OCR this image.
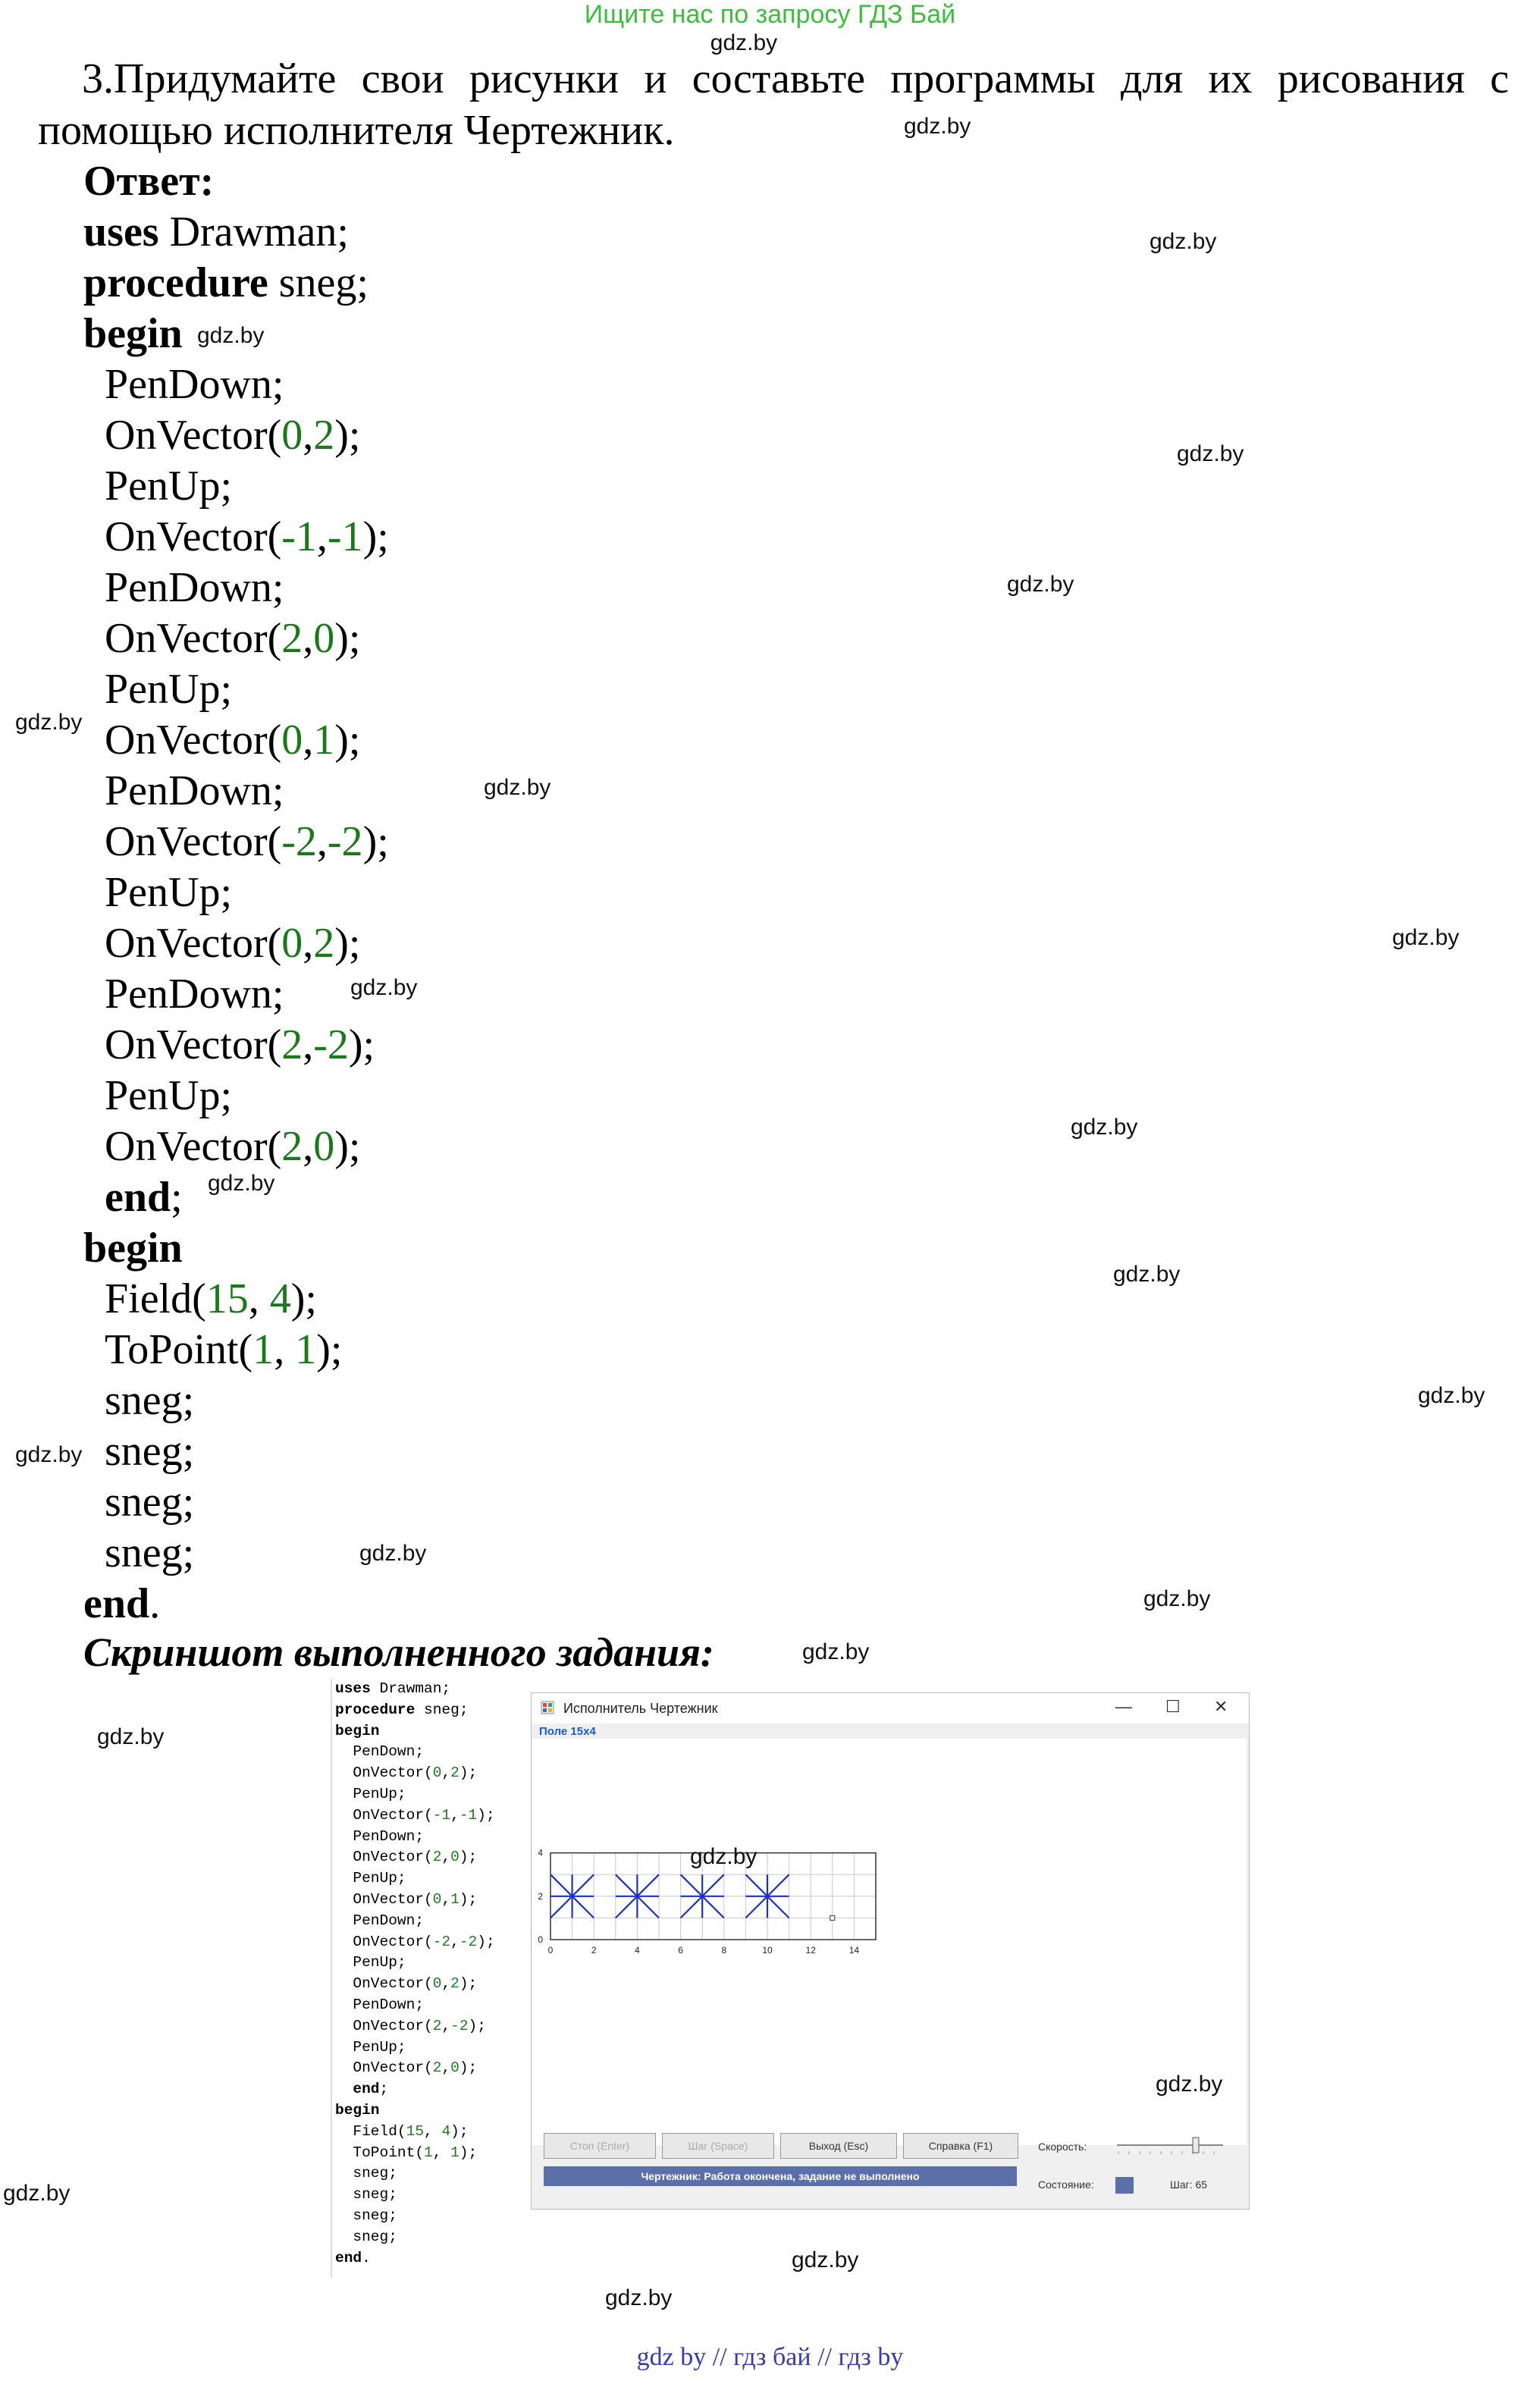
Ищите нас по запросу ГДЗ Бай
gdz.by
3.Придумайте свои рисунки и составьте программы для их рисования с
помощью исполнителя Чертежник.
Ответ:
uses Drawman;
procedure sneg;
begin
PenDown;
OnVector(0,2);
PenUp;
OnVector(-1,-1);
PenDown;
OnVector(2,0);
PenUp;
OnVector(0,1);
PenDown;
OnVector(-2,-2);
PenUp;
OnVector(0,2);
PenDown;
OnVector(2,-2);
PenUp;
OnVector(2,0);
end;
begin
Field(15, 4);
ToPoint(1, 1);
sneg;
sneg;
sneg;
sneg;
end.
Скриншот выполненного задания:
uses Drawman;
procedure sneg;
begin
PenDown;
OnVector(0,2);
PenUp;
OnVector(-1,-1);
PenDown;
OnVector(2,0);
PenUp;
OnVector(0,1);
PenDown;
OnVector(-2,-2);
PenUp;
OnVector(0,2);
PenDown;
OnVector(2,-2);
PenUp;
OnVector(2,0);
end;
begin
Field(15, 4);
ToPoint(1, 1);
sneg;
sneg;
sneg;
sneg;
end.
Исполнитель Чертежник	— ☐ ✕
Поле 15x4
0	2	4	6	8	10	12	14
0
2
4
Стоп (Enter)	Шаг (Space)	Выход (Esc)	Справка (F1)
Чертежник: Работа окончена, задание не выполнено
Скорость:
Состояние:	Шаг: 65
gdz.by
gdz.by
gdz.by
gdz.by
gdz.by
gdz.by
gdz.by
gdz.by
gdz.by
gdz.by
gdz.by
gdz.by
gdz.by
gdz.by
gdz.by
gdz.by
gdz.by
gdz.by
gdz.by
gdz.by
gdz.by
gdz.by
gdz.by
gdz by // гдз бай // гдз by
